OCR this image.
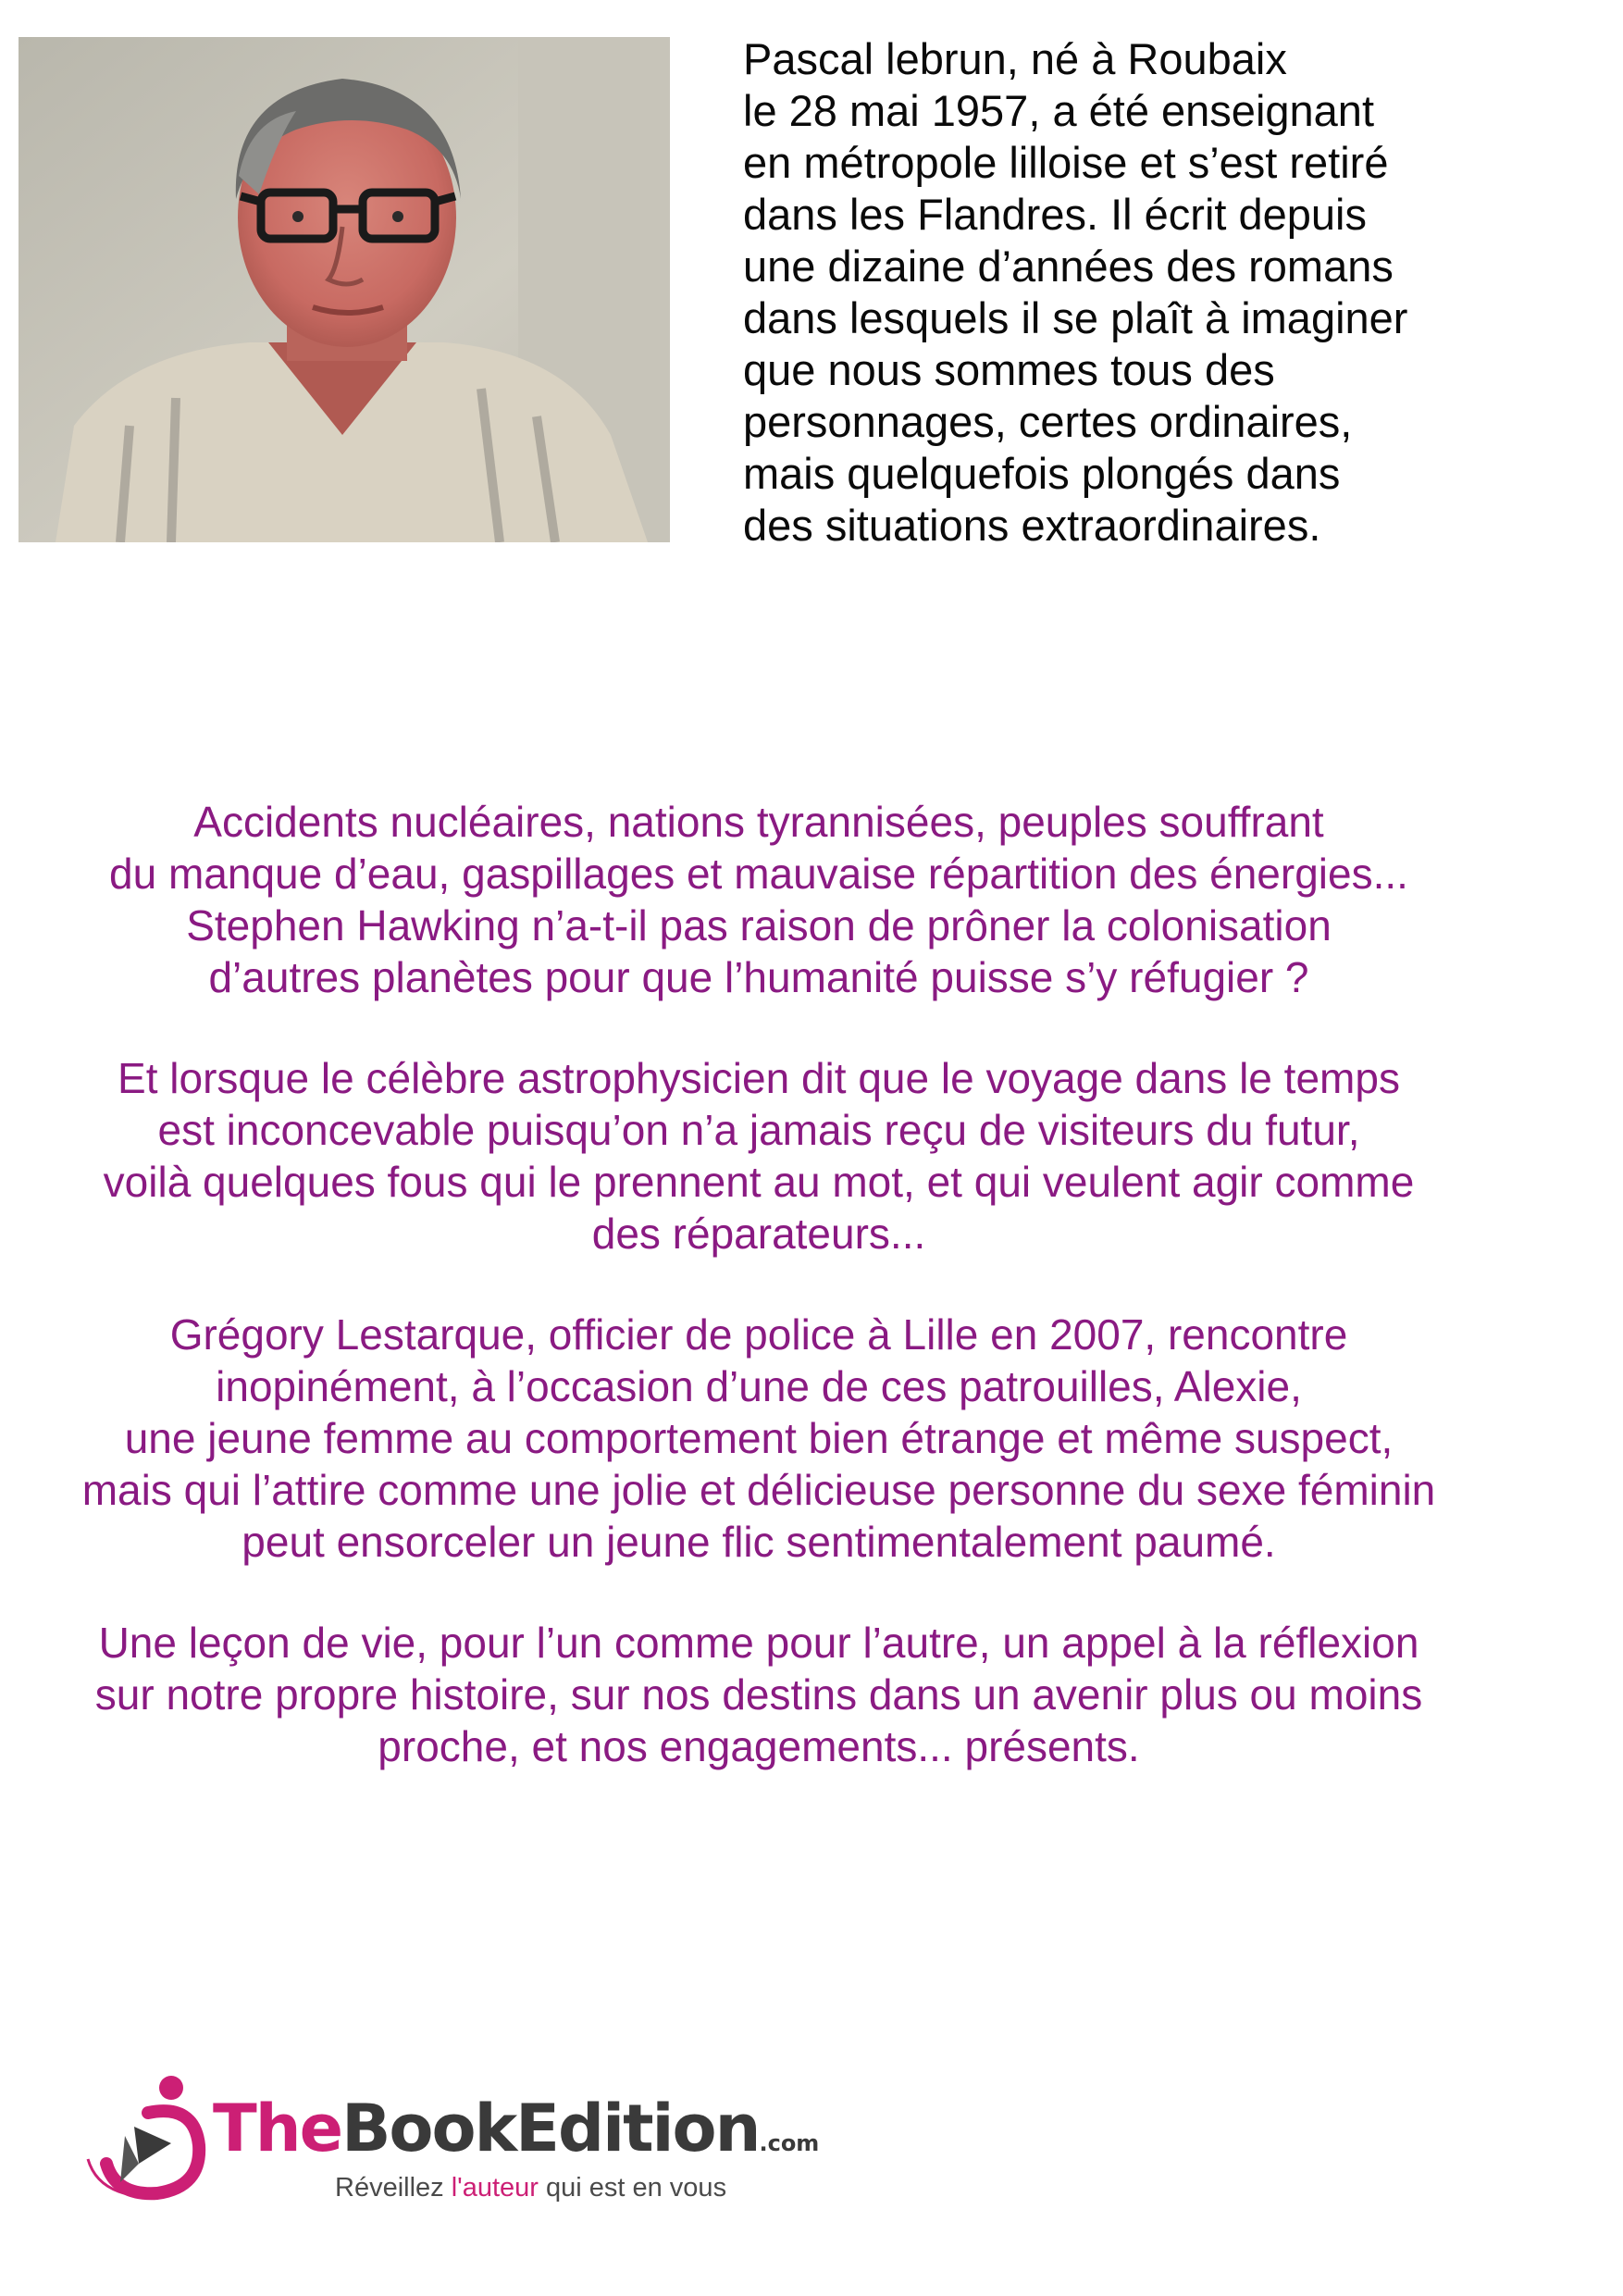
Pascal lebrun, né à Roubaix
le 28 mai 1957, a été enseignant
en métropole lilloise et s’est retiré
dans les Flandres. Il écrit depuis
une dizaine d’années des romans
dans lesquels il se plaît à imaginer
que nous sommes tous des
personnages, certes ordinaires,
mais quelquefois plongés dans
des situations extraordinaires.
Accidents nucléaires, nations tyrannisées, peuples souffrant
du manque d’eau, gaspillages et mauvaise répartition des énergies...
Stephen Hawking n’a-t-il pas raison de prôner la colonisation
d’autres planètes pour que l’humanité puisse s’y réfugier ?
Et lorsque le célèbre astrophysicien dit que le voyage dans le temps
est inconcevable puisqu’on n’a jamais reçu de visiteurs du futur,
voilà quelques fous qui le prennent au mot, et qui veulent agir comme
des réparateurs...
Grégory Lestarque, officier de police à Lille en 2007, rencontre
inopinément, à l’occasion d’une de ces patrouilles, Alexie,
une jeune femme au comportement bien étrange et même suspect,
mais qui l’attire comme une jolie et délicieuse personne du sexe féminin
peut ensorceler un jeune flic sentimentalement paumé.
Une leçon de vie, pour l’un comme pour l’autre, un appel à la réflexion
sur notre propre histoire, sur nos destins dans un avenir plus ou moins
proche, et nos engagements... présents.
TheBookEdition.com
Réveillez l'auteur qui est en vous
